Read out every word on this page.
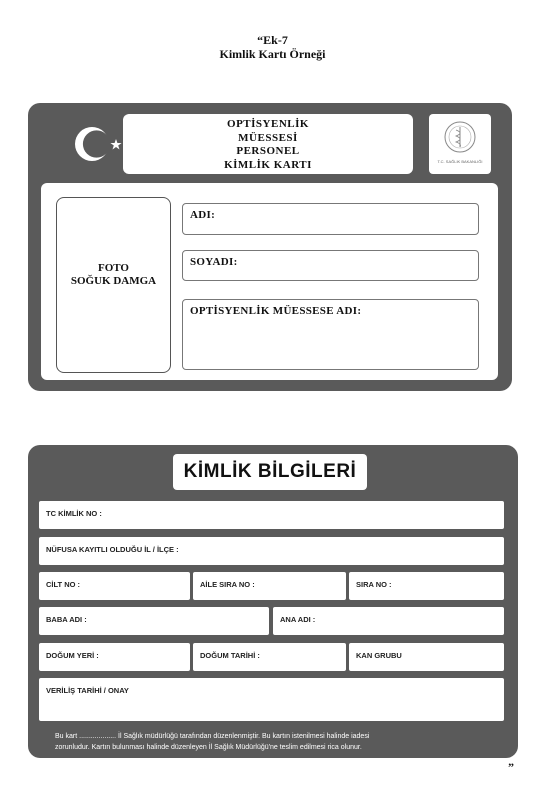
“Ek-7
Kimlik Kartı Örneği
OPTİSYENLİK
MÜESSESİ
PERSONEL
KİMLİK KARTI	T.C. SAĞLIK BAKANLIĞI
FOTO
SOĞUK DAMGA
ADI:
SOYADI:
OPTİSYENLİK MÜESSESE ADI:
KİMLİK BİLGİLERİ
TC KİMLİK NO :
NÜFUSA KAYITLI OLDUĞU İL / İLÇE :
CİLT NO :	AİLE SIRA NO :	SIRA NO :
BABA ADI :	ANA ADI :
DOĞUM YERİ :	DOĞUM TARİHİ :	KAN GRUBU
VERİLİŞ TARİHİ / ONAY
Bu kart ................... İl Sağlık müdürlüğü tarafından düzenlenmiştir. Bu kartın istenilmesi halinde iadesi
zorunludur. Kartın bulunması halinde düzenleyen İl Sağlık Müdürlüğü'ne teslim edilmesi rica olunur.
”
